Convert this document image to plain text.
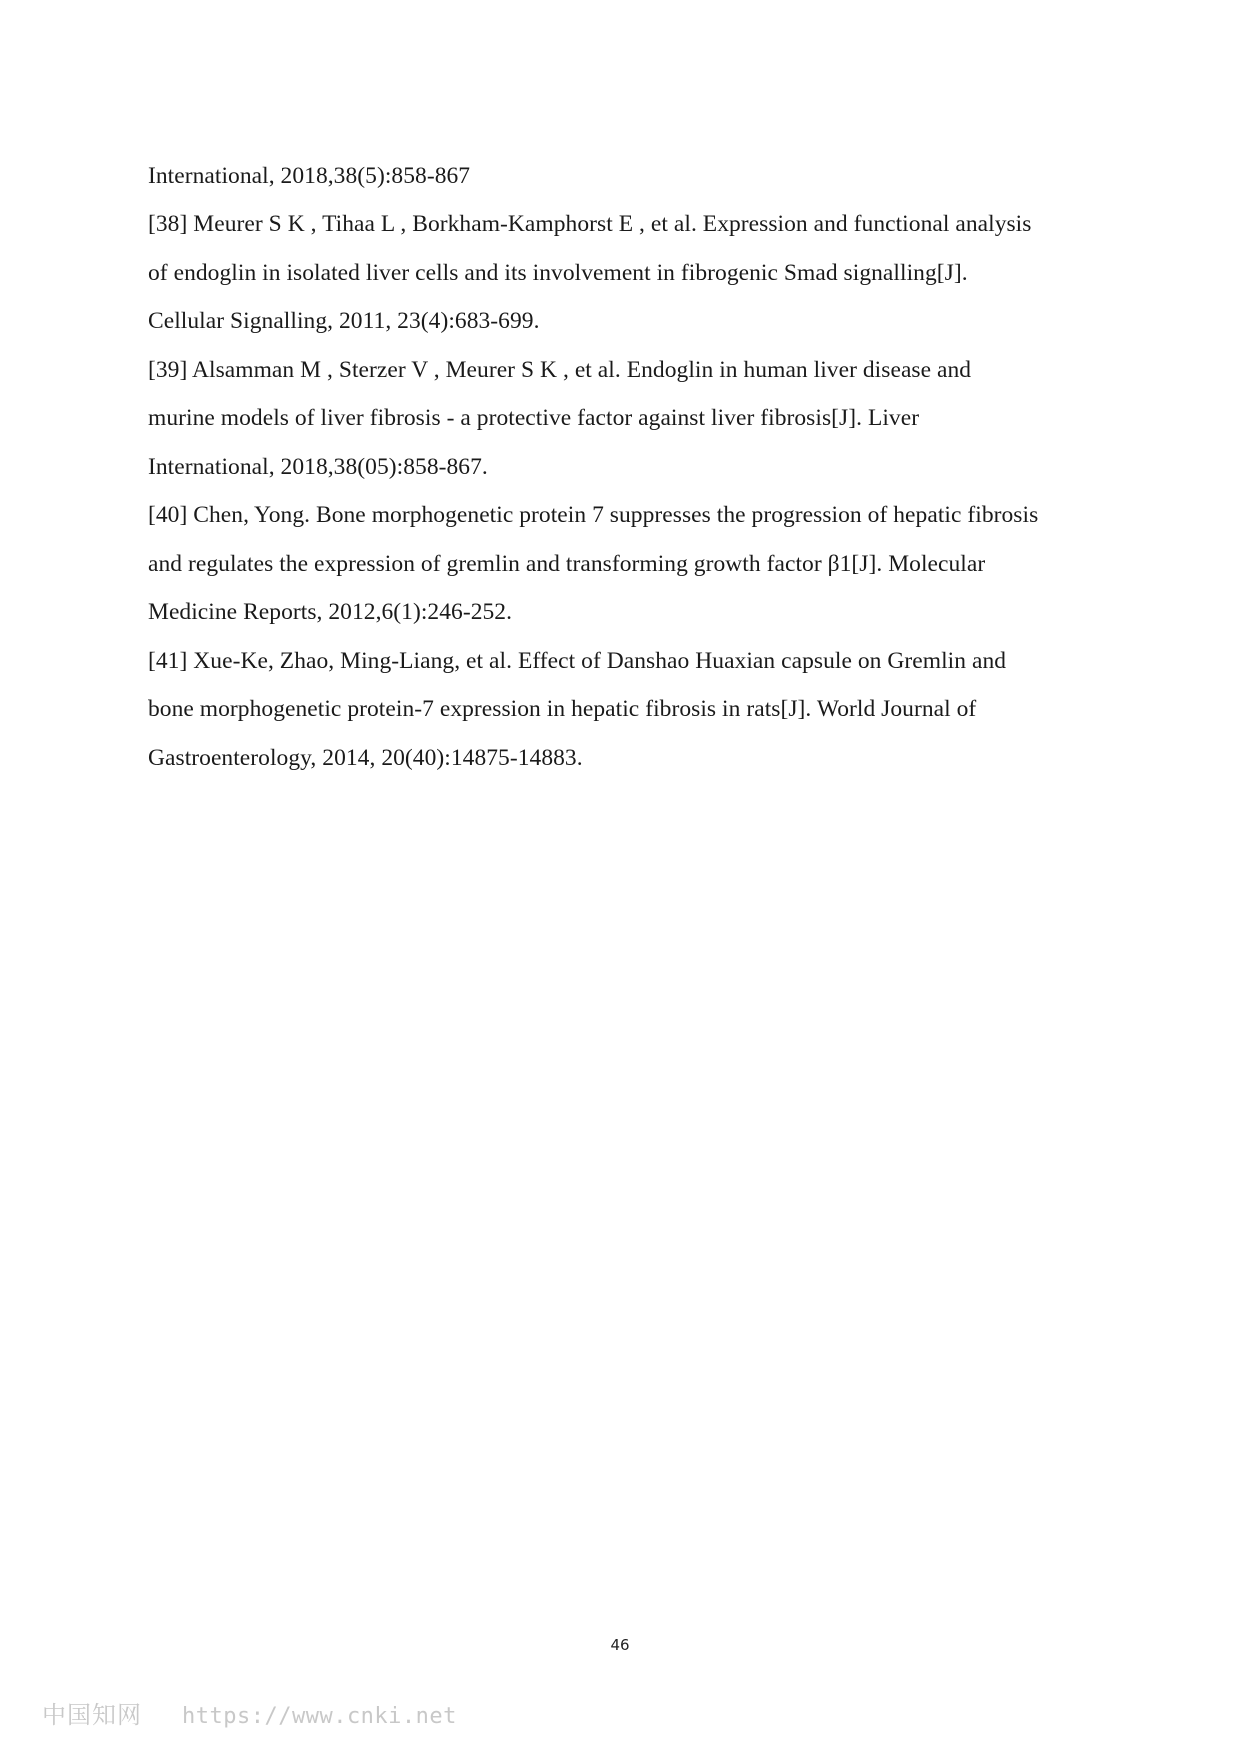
International, 2018,38(5):858-867
[38] Meurer S K , Tihaa L , Borkham-Kamphorst E , et al. Expression and functional analysis
of endoglin in isolated liver cells and its involvement in fibrogenic Smad signalling[J].
Cellular Signalling, 2011, 23(4):683-699.
[39] Alsamman M , Sterzer V , Meurer S K , et al. Endoglin in human liver disease and
murine models of liver fibrosis - a protective factor against liver fibrosis[J]. Liver
International, 2018,38(05):858-867.
[40] Chen, Yong. Bone morphogenetic protein 7 suppresses the progression of hepatic fibrosis
and regulates the expression of gremlin and transforming growth factor β1[J]. Molecular
Medicine Reports, 2012,6(1):246-252.
[41] Xue-Ke, Zhao, Ming-Liang, et al. Effect of Danshao Huaxian capsule on Gremlin and
bone morphogenetic protein-7 expression in hepatic fibrosis in rats[J]. World Journal of
Gastroenterology, 2014, 20(40):14875-14883.
46
中国知网 https://www.cnki.net
